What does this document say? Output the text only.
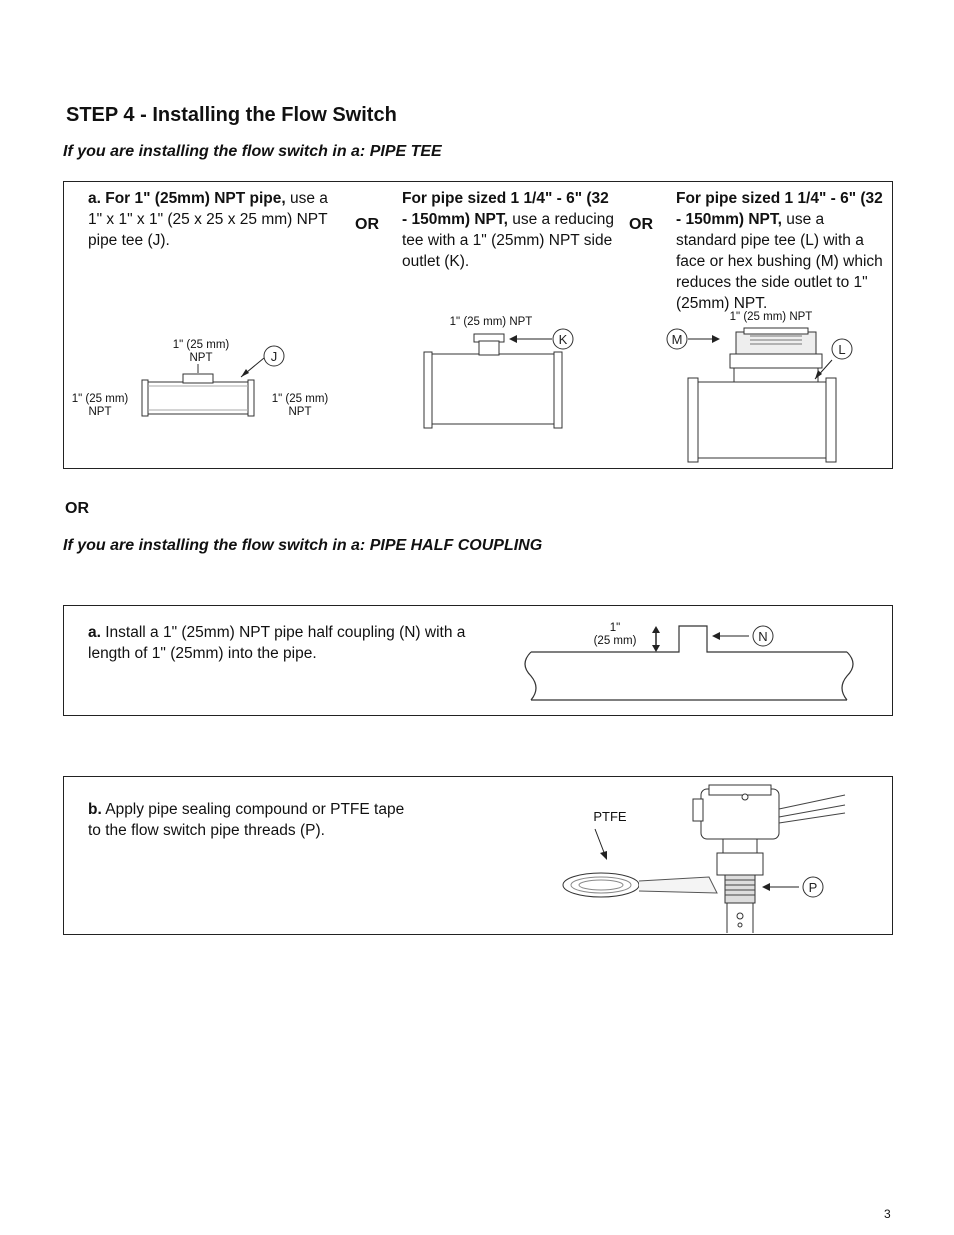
STEP 4 - Installing the Flow Switch
If you are installing the flow switch in a: PIPE TEE
a. For 1" (25mm) NPT pipe, use a 1" x 1" x 1" (25 x 25 x 25 mm) NPT pipe tee (J).
OR
For pipe sized 1 1/4" - 6" (32 - 150mm) NPT, use a reducing tee with a 1" (25mm) NPT side outlet (K).
OR
For pipe sized 1 1/4" - 6" (32 - 150mm) NPT, use a standard pipe tee (L) with a face or hex bushing (M) which reduces the side outlet to 1" (25mm) NPT.
1" (25 mm)
NPT
1" (25 mm)
NPT
1" (25 mm)
NPT
J
1" (25 mm) NPT
K
1" (25 mm) NPT
M
L
OR
If you are installing the flow switch in a: PIPE HALF COUPLING
a. Install a 1" (25mm) NPT pipe half coupling (N) with a length of 1" (25mm) into the pipe.
1"
(25 mm)	N
b. Apply pipe sealing compound or PTFE tape to the flow switch pipe threads (P).
PTFE
P
3
